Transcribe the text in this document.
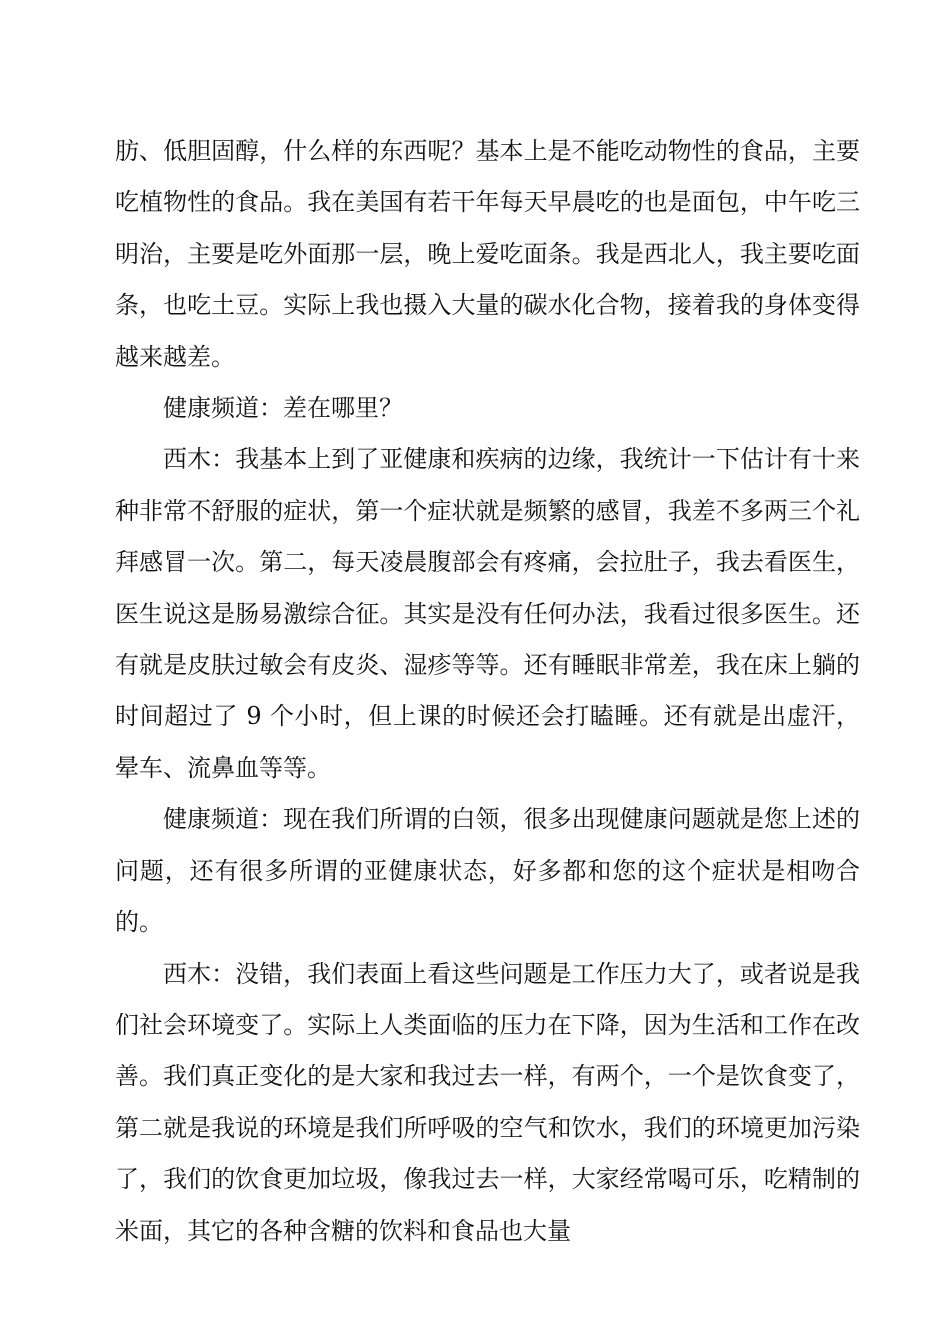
肪、低胆固醇，什么样的东西呢？基本上是不能吃动物性的食品，主要吃植物性的食品。我在美国有若干年每天早晨吃的也是面包，中午吃三明治，主要是吃外面那一层，晚上爱吃面条。我是西北人，我主要吃面条，也吃土豆。实际上我也摄入大量的碳水化合物，接着我的身体变得越来越差。

健康频道：差在哪里？

西木：我基本上到了亚健康和疾病的边缘，我统计一下估计有十来种非常不舒服的症状，第一个症状就是频繁的感冒，我差不多两三个礼拜感冒一次。第二，每天凌晨腹部会有疼痛，会拉肚子，我去看医生，医生说这是肠易激综合征。其实是没有任何办法，我看过很多医生。还有就是皮肤过敏会有皮炎、湿疹等等。还有睡眠非常差，我在床上躺的时间超过了 9 个小时，但上课的时候还会打瞌睡。还有就是出虚汗，晕车、流鼻血等等。

健康频道：现在我们所谓的白领，很多出现健康问题就是您上述的问题，还有很多所谓的亚健康状态，好多都和您的这个症状是相吻合的。

西木：没错，我们表面上看这些问题是工作压力大了，或者说是我们社会环境变了。实际上人类面临的压力在下降，因为生活和工作在改善。我们真正变化的是大家和我过去一样，有两个，一个是饮食变了，第二就是我说的环境是我们所呼吸的空气和饮水，我们的环境更加污染了，我们的饮食更加垃圾，像我过去一样，大家经常喝可乐，吃精制的米面，其它的各种含糖的饮料和食品也大量
